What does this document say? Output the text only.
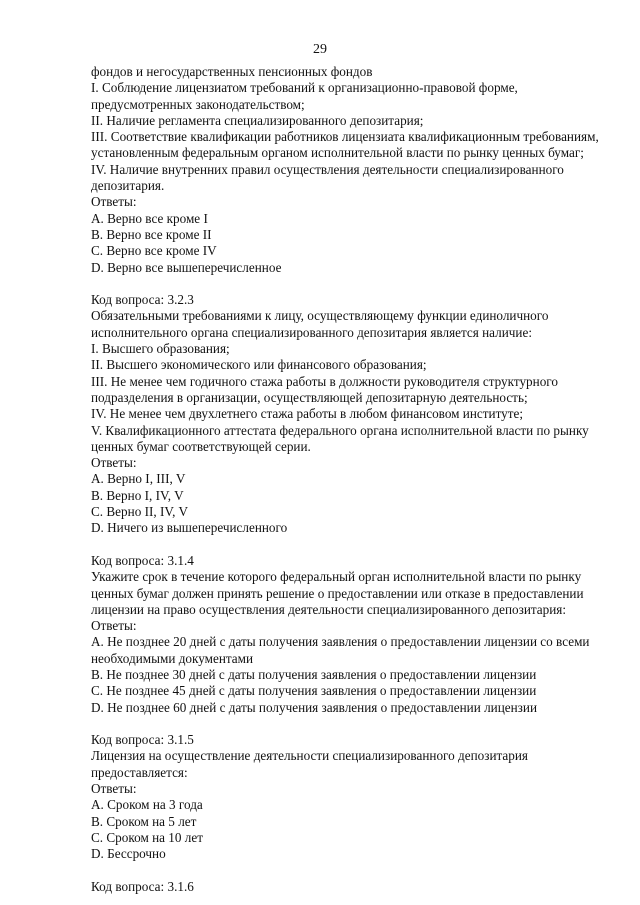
29
фондов и негосударственных пенсионных фондов
I. Соблюдение лицензиатом требований к организационно-правовой форме,
предусмотренных законодательством;
II. Наличие регламента специализированного депозитария;
III. Соответствие квалификации работников лицензиата квалификационным требованиям,
установленным федеральным органом исполнительной власти по рынку ценных бумаг;
IV. Наличие внутренних правил осуществления деятельности специализированного
депозитария.
Ответы:
A. Верно все кроме I
B. Верно все кроме II
C. Верно все кроме IV
D. Верно все вышеперечисленное
Код вопроса: 3.2.3
Обязательными требованиями к лицу, осуществляющему функции единоличного
исполнительного органа специализированного депозитария является наличие:
I. Высшего образования;
II. Высшего экономического или финансового образования;
III. Не менее чем годичного стажа работы в должности руководителя структурного
подразделения в организации, осуществляющей депозитарную деятельность;
IV. Не менее чем двухлетнего стажа работы в любом финансовом институте;
V. Квалификационного аттестата федерального органа исполнительной власти по рынку
ценных бумаг соответствующей серии.
Ответы:
A. Верно I, III, V
B. Верно I, IV, V
C. Верно II, IV, V
D. Ничего из вышеперечисленного
Код вопроса: 3.1.4
Укажите срок в течение которого федеральный орган исполнительной власти по рынку
ценных бумаг должен принять решение о предоставлении или отказе в предоставлении
лицензии на право осуществления деятельности специализированного депозитария:
Ответы:
A. Не позднее 20 дней с даты получения заявления о предоставлении лицензии со всеми
необходимыми документами
B. Не позднее 30 дней с даты получения заявления о предоставлении лицензии
C. Не позднее 45 дней с даты получения заявления о предоставлении лицензии
D. Не позднее 60 дней с даты получения заявления о предоставлении лицензии
Код вопроса: 3.1.5
Лицензия на осуществление деятельности специализированного депозитария
предоставляется:
Ответы:
A. Сроком на 3 года
B. Сроком на 5 лет
C. Сроком на 10 лет
D. Бессрочно
Код вопроса: 3.1.6
